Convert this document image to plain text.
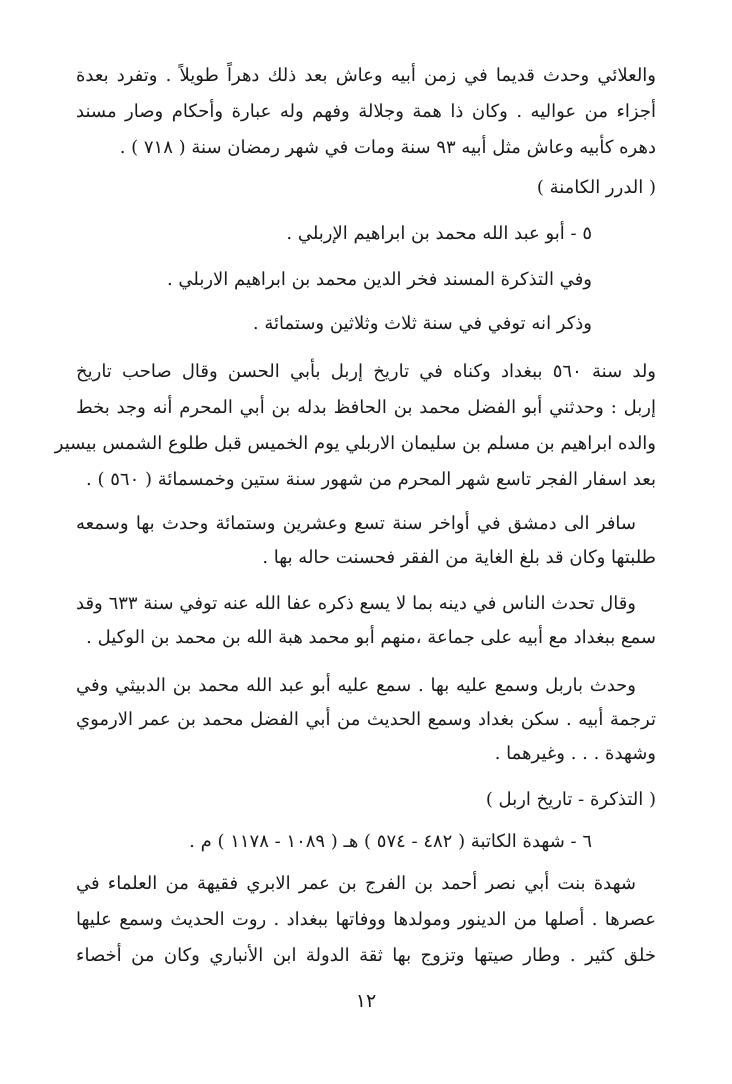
والعلائي وحدث قديما في زمن أبيه وعاش بعد ذلك دهراً طويلاً . وتفرد بعدة
أجزاء من عواليه . وكان ذا همة وجلالة وفهم وله عبارة وأحكام وصار مسند
دهره كأبيه وعاش مثل أبيه ٩٣ سنة ومات في شهر رمضان سنة ( ٧١٨ ) .
( الدرر الكامنة )
٥ - أبو عبد الله محمد بن ابراهيم الإربلي .
وفي التذكرة المسند فخر الدين محمد بن ابراهيم الاربلي .
وذكر انه توفي في سنة ثلاث وثلاثين وستمائة .
ولد سنة ٥٦٠ ببغداد وكناه في تاريخ إربل بأبي الحسن وقال صاحب تاريخ
إربل : وحدثني أبو الفضل محمد بن الحافظ بدله بن أبي المحرم أنه وجد بخط
والده ابراهيم بن مسلم بن سليمان الاربلي يوم الخميس قبل طلوع الشمس بيسير
بعد اسفار الفجر تاسع شهر المحرم من شهور سنة ستين وخمسمائة ( ٥٦٠ ) .
سافر الى دمشق في أواخر سنة تسع وعشرين وستمائة وحدث بها وسمعه
طلبتها وكان قد بلغ الغاية من الفقر فحسنت حاله بها .
وقال تحدث الناس في دينه بما لا يسع ذكره عفا الله عنه توفي سنة ٦٣٣ وقد
سمع ببغداد مع أبيه على جماعة ،منهم أبو محمد هبة الله بن محمد بن الوكيل .
وحدث باربل وسمع عليه بها . سمع عليه أبو عبد الله محمد بن الدبيثي وفي
ترجمة أبيه . سكن بغداد وسمع الحديث من أبي الفضل محمد بن عمر الارموي
وشهدة . . . وغيرهما .
( التذكرة - تاريخ اربل )
٦ - شهدة الكاتبة ( ٤٨٢ - ٥٧٤ ) هـ ( ١٠٨٩ - ١١٧٨ ) م .
شهدة بنت أبي نصر أحمد بن الفرج بن عمر الابري فقيهة من العلماء في
عصرها . أصلها من الدينور ومولدها ووفاتها ببغداد . روت الحديث وسمع عليها
خلق كثير . وطار صيتها وتزوج بها ثقة الدولة ابن الأنباري وكان من أخصاء
١٢
